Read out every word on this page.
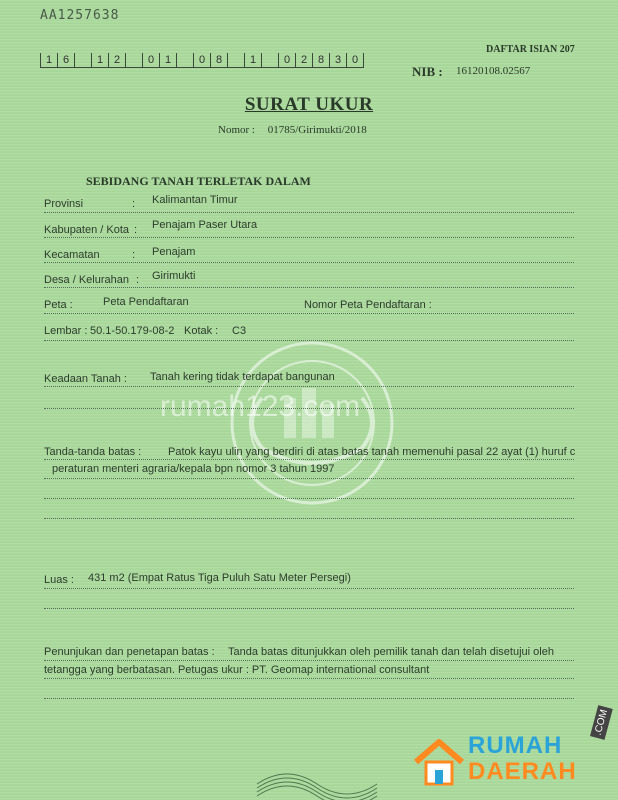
AA1257638
1 6	1 2	0 1	0 8	1	0 2 8 3 0
DAFTAR ISIAN 207
NIB : 16120108.02567
SURAT UKUR
Nomor : 01785/Girimukti/2018
SEBIDANG TANAH TERLETAK DALAM
Provinsi	: Kalimantan Timur
Kabupaten / Kota : Penajam Paser Utara
Kecamatan	: Penajam
Desa / Kelurahan : Girimukti
Peta :	Peta Pendaftaran	Nomor Peta Pendaftaran :
Lembar : 50.1-50.179-08-2 Kotak : C3
rumah123.com
Keadaan Tanah : Tanah kering tidak terdapat bangunan
Tanda-tanda batas : Patok kayu ulin yang berdiri di atas batas tanah memenuhi pasal 22 ayat (1) huruf c
peraturan menteri agraria/kepala bpn nomor 3 tahun 1997
Luas : 431 m2 (Empat Ratus Tiga Puluh Satu Meter Persegi)
Penunjukan dan penetapan batas : Tanda batas ditunjukkan oleh pemilik tanah dan telah disetujui oleh
tetangga yang berbatasan. Petugas ukur : PT. Geomap international consultant
RUMAH
DAERAH
.COM
